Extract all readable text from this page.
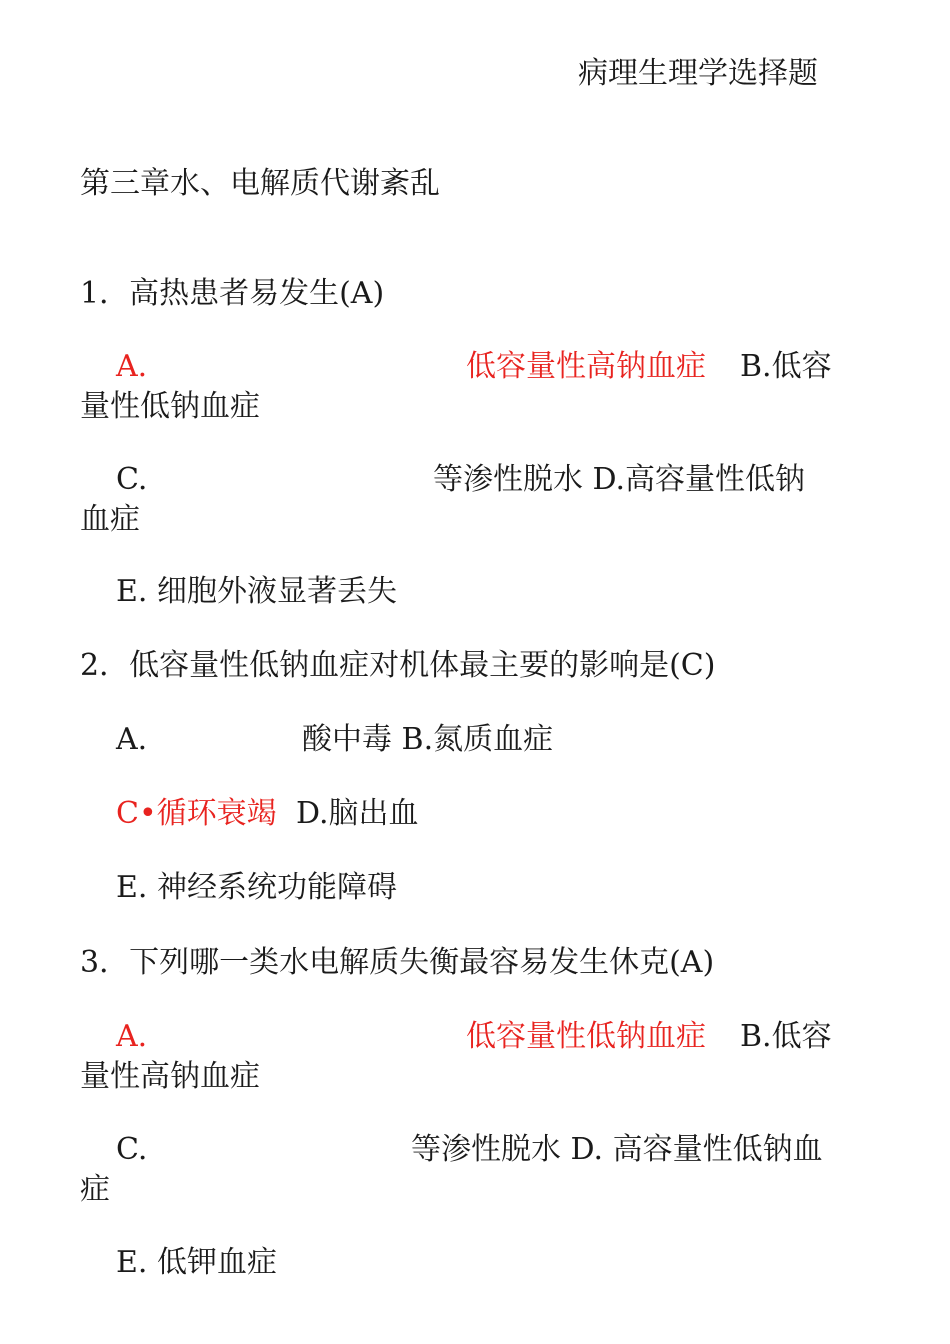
病理生理学选择题
第三章水、电解质代谢紊乱
1．高热患者易发生(A)
A.	低容量性高钠血症 B.低容
量性低钠血症
C.	等渗性脱水 D.高容量性低钠
血症
E. 细胞外液显著丢失
2．低容量性低钠血症对机体最主要的影响是(C)
A.	酸中毒 B.氮质血症
C•循环衰竭 D.脑出血
E. 神经系统功能障碍
3．下列哪一类水电解质失衡最容易发生休克(A)
A.	低容量性低钠血症 B.低容
量性高钠血症
C.	等渗性脱水 D. 高容量性低钠血
症
E. 低钾血症
